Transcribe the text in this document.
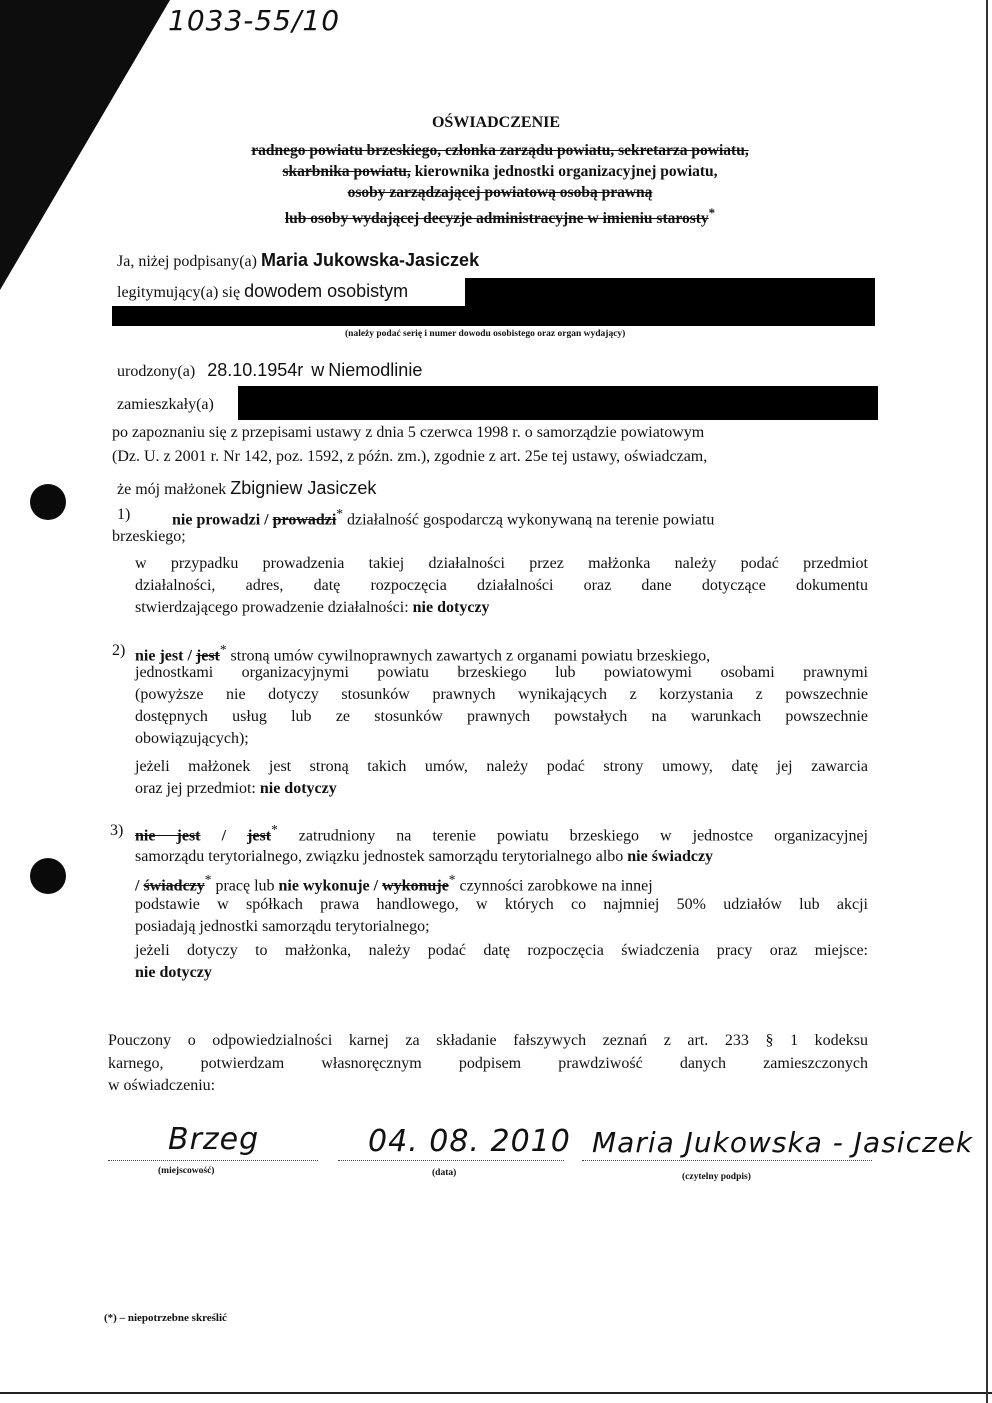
1033-55/10
OŚWIADCZENIE
radnego powiatu brzeskiego, członka zarządu powiatu, sekretarza powiatu,
skarbnika powiatu, kierownika jednostki organizacyjnej powiatu,
osoby zarządzającej powiatową osobą prawną
lub osoby wydającej decyzje administracyjne w imieniu starosty*
Ja, niżej podpisany(a) Maria Jukowska-Jasiczek
legitymujący(a) się dowodem osobistym
(należy podać serię i numer dowodu osobistego oraz organ wydający)
urodzony(a) 28.10.1954r w Niemodlinie
zamieszkały(a)
po zapoznaniu się z przepisami ustawy z dnia 5 czerwca 1998 r. o samorządzie powiatowym
(Dz. U. z 2001 r. Nr 142, poz. 1592, z późn. zm.), zgodnie z art. 25e tej ustawy, oświadczam,
że mój małżonek Zbigniew Jasiczek
1)	nie prowadzi / prowadzi* działalność gospodarczą wykonywaną na terenie powiatu
brzeskiego;
w przypadku prowadzenia takiej działalności przez małżonka należy podać przedmiot
działalności, adres, datę rozpoczęcia działalności oraz dane dotyczące dokumentu
stwierdzającego prowadzenie działalności: nie dotyczy
2) nie jest / jest* stroną umów cywilnoprawnych zawartych z organami powiatu brzeskiego,
jednostkami organizacyjnymi powiatu brzeskiego lub powiatowymi osobami prawnymi
(powyższe nie dotyczy stosunków prawnych wynikających z korzystania z powszechnie
dostępnych usług lub ze stosunków prawnych powstałych na warunkach powszechnie
obowiązujących);
jeżeli małżonek jest stroną takich umów, należy podać strony umowy, datę jej zawarcia
oraz jej przedmiot: nie dotyczy
3) nie jest / jest* zatrudniony na terenie powiatu brzeskiego w jednostce organizacyjnej
samorządu terytorialnego, związku jednostek samorządu terytorialnego albo nie świadczy
/ świadczy* pracę lub nie wykonuje / wykonuje* czynności zarobkowe na innej
podstawie w spółkach prawa handlowego, w których co najmniej 50% udziałów lub akcji
posiadają jednostki samorządu terytorialnego;
jeżeli dotyczy to małżonka, należy podać datę rozpoczęcia świadczenia pracy oraz miejsce:
nie dotyczy
Pouczony o odpowiedzialności karnej za składanie fałszywych zeznań z art. 233 § 1 kodeksu
karnego, potwierdzam własnoręcznym podpisem prawdziwość danych zamieszczonych
w oświadczeniu:
Brzeg	04. 08. 2010 Maria Jukowska - Jasiczek
(miejscowość)	(data)	(czytelny podpis)
(*) – niepotrzebne skreślić
